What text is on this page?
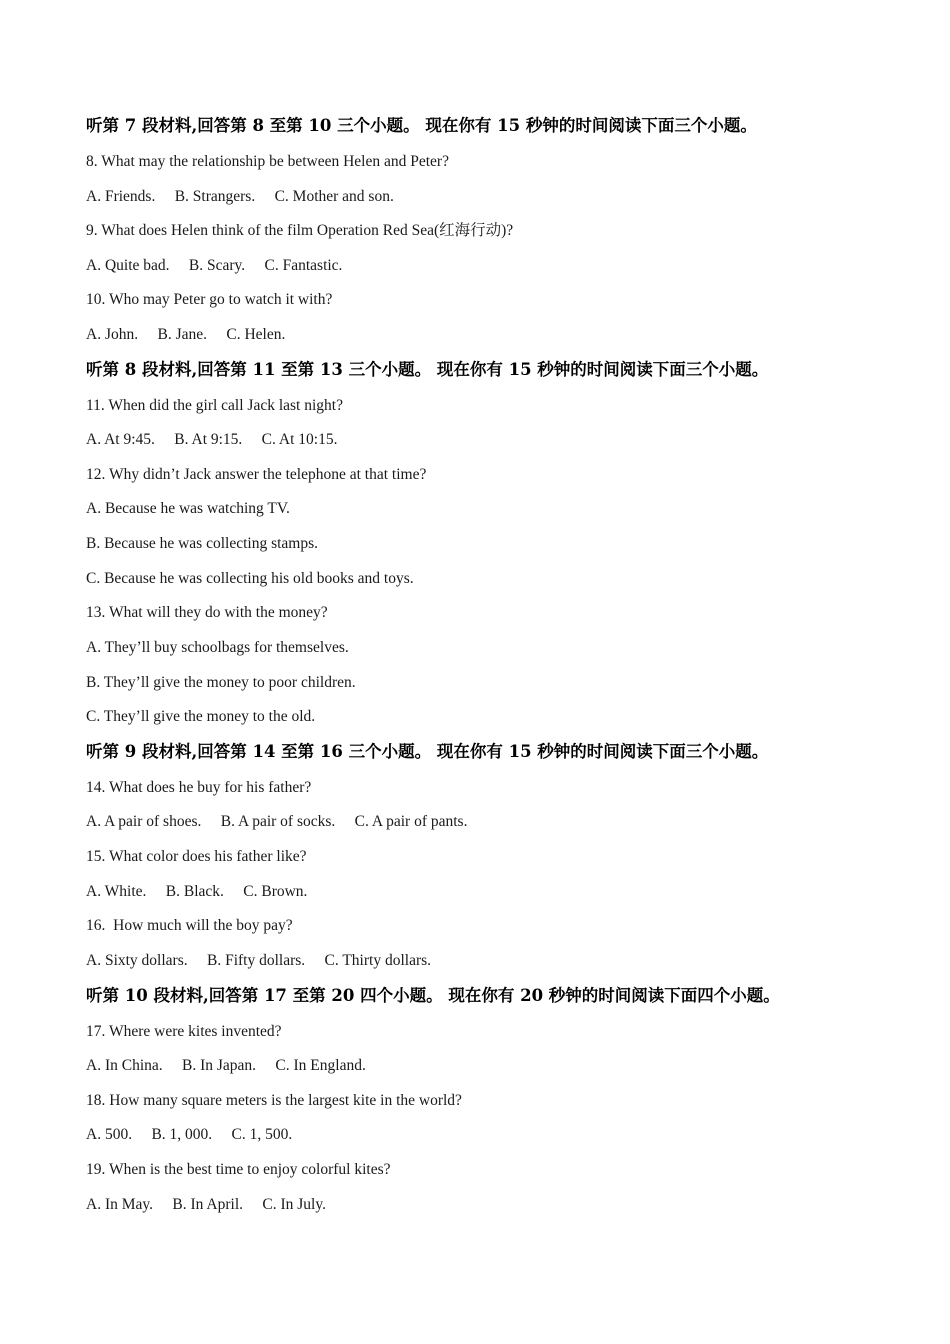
听第 7 段材料,回答第 8 至第 10 三个小题。 现在你有 15 秒钟的时间阅读下面三个小题。
8. What may the relationship be between Helen and Peter?
A. Friends.     B. Strangers.     C. Mother and son.
9. What does Helen think of the film Operation Red Sea(红海行动)?
A. Quite bad.     B. Scary.     C. Fantastic.
10. Who may Peter go to watch it with?
A. John.     B. Jane.     C. Helen.
听第 8 段材料,回答第 11 至第 13 三个小题。 现在你有 15 秒钟的时间阅读下面三个小题。
11. When did the girl call Jack last night?
A. At 9:45.     B. At 9:15.     C. At 10:15.
12. Why didn’t Jack answer the telephone at that time?
A. Because he was watching TV.
B. Because he was collecting stamps.
C. Because he was collecting his old books and toys.
13. What will they do with the money?
A. They’ll buy schoolbags for themselves.
B. They’ll give the money to poor children.
C. They’ll give the money to the old.
听第 9 段材料,回答第 14 至第 16 三个小题。 现在你有 15 秒钟的时间阅读下面三个小题。
14. What does he buy for his father?
A. A pair of shoes.     B. A pair of socks.     C. A pair of pants.
15. What color does his father like?
A. White.     B. Black.     C. Brown.
16.  How much will the boy pay?
A. Sixty dollars.     B. Fifty dollars.     C. Thirty dollars.
听第 10 段材料,回答第 17 至第 20 四个小题。 现在你有 20 秒钟的时间阅读下面四个小题。
17. Where were kites invented?
A. In China.     B. In Japan.     C. In England.
18. How many square meters is the largest kite in the world?
A. 500.     B. 1, 000.     C. 1, 500.
19. When is the best time to enjoy colorful kites?
A. In May.     B. In April.     C. In July.
